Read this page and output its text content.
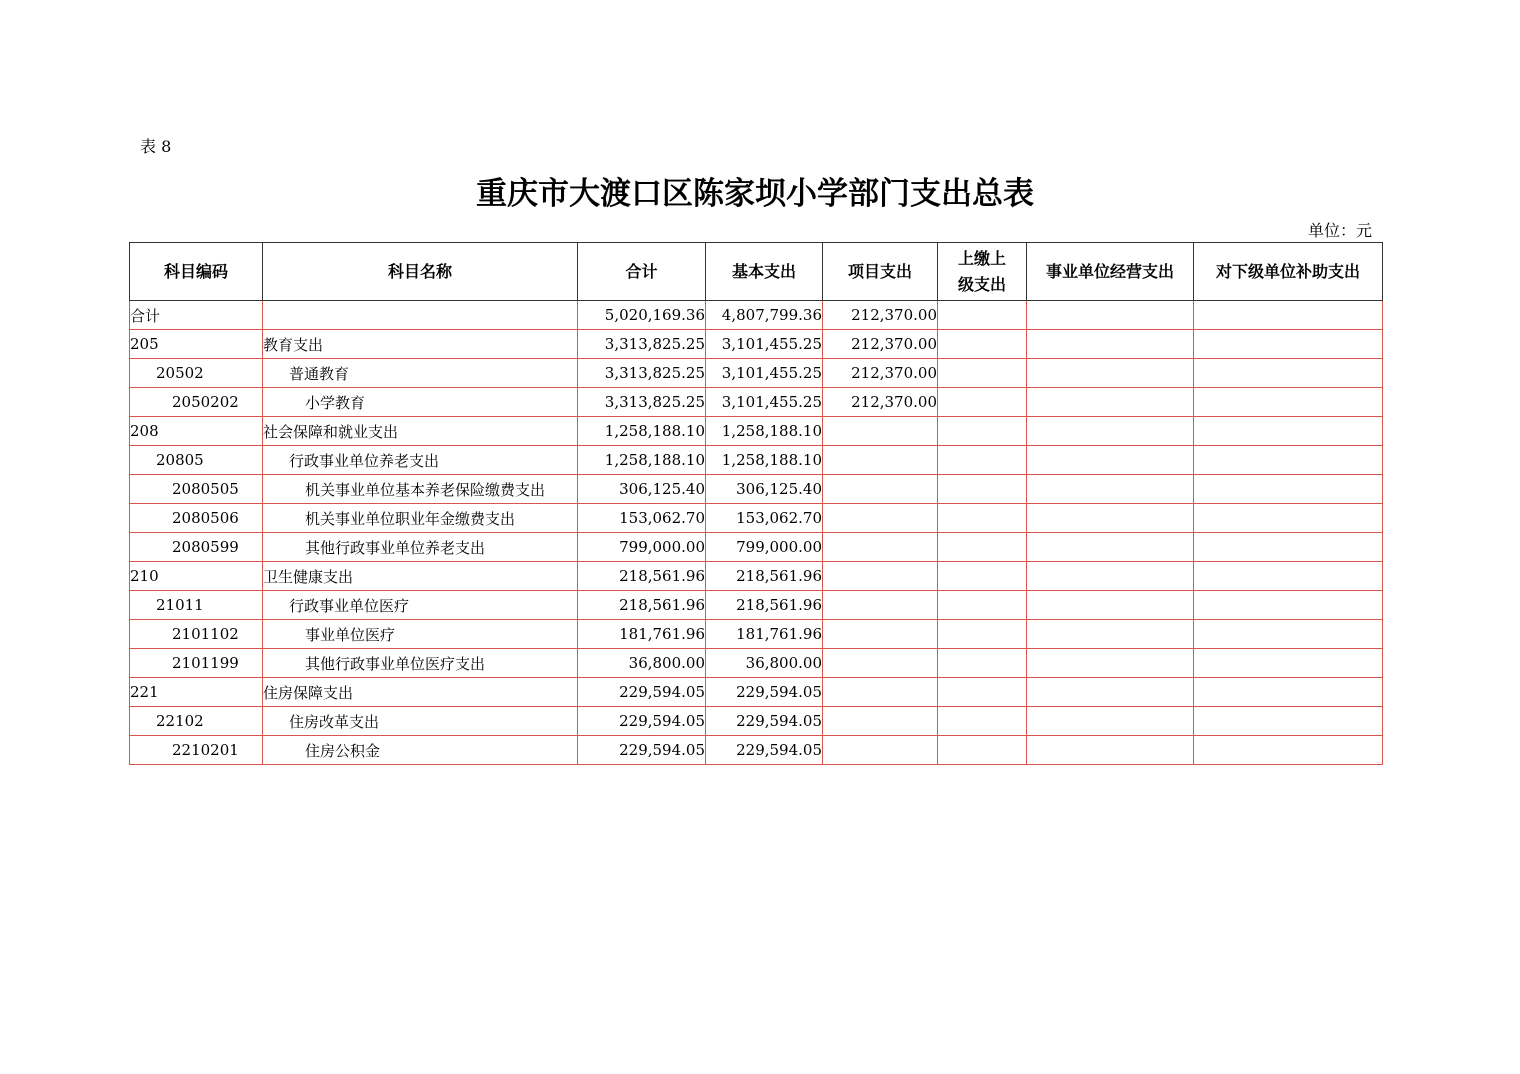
表 8
重庆市大渡口区陈家坝小学部门支出总表
单位：元
科目编码	科目名称	合计	基本支出	项目支出	上缴上级支出	事业单位经营支出	对下级单位补助支出
合计		5,020,169.36	4,807,799.36	212,370.00			
205	教育支出	3,313,825.25	3,101,455.25	212,370.00			
20502	普通教育	3,313,825.25	3,101,455.25	212,370.00			
2050202	小学教育	3,313,825.25	3,101,455.25	212,370.00			
208	社会保障和就业支出	1,258,188.10	1,258,188.10				
20805	行政事业单位养老支出	1,258,188.10	1,258,188.10				
2080505	机关事业单位基本养老保险缴费支出	306,125.40	306,125.40				
2080506	机关事业单位职业年金缴费支出	153,062.70	153,062.70				
2080599	其他行政事业单位养老支出	799,000.00	799,000.00				
210	卫生健康支出	218,561.96	218,561.96				
21011	行政事业单位医疗	218,561.96	218,561.96				
2101102	事业单位医疗	181,761.96	181,761.96				
2101199	其他行政事业单位医疗支出	36,800.00	36,800.00				
221	住房保障支出	229,594.05	229,594.05				
22102	住房改革支出	229,594.05	229,594.05				
2210201	住房公积金	229,594.05	229,594.05				
